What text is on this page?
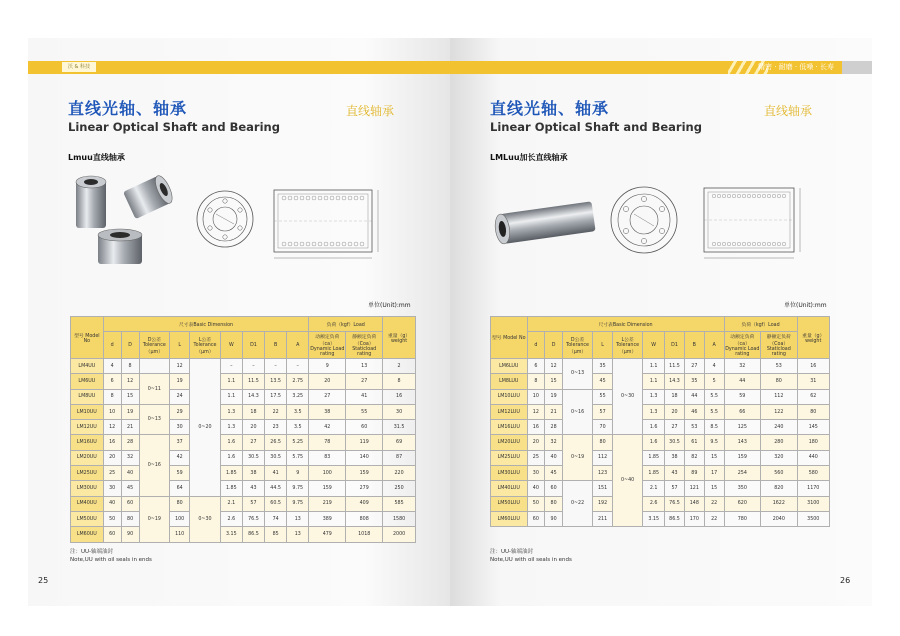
沃 & 科技
直线光轴、轴承
Linear Optical Shaft and Bearing
直线轴承
Lmuu直线轴承
单位(Unit):mm
型号 Model No	尺寸表Basic Dimension									负荷（kgf）Load		重量（g）weight
	d	D	D公差 Tolerance（μm）	L	L公差 Tolerance（μm）	W	D1	B	A	动额定负荷（ca）Dynamic Load rating	静额定负荷（Coa）Staticload rating	
LM4UU	4	8		12	0~20	–	–	–	–	9	13	2
LM6UU	6	12	0~11	19		1.1	11.5	13.5	2.75	20	27	8
LM8UU	8	15		24		1.1	14.3	17.5	3.25	27	41	16
LM10UU	10	19	0~13	29		1.3	18	22	3.5	38	55	30
LM12UU	12	21		30		1.3	20	23	3.5	42	60	31.5
LM16UU	16	28	0~16	37		1.6	27	26.5	5.25	78	119	69
LM20UU	20	32		42		1.6	30.5	30.5	5.75	83	140	87
LM25UU	25	40		59		1.85	38	41	9	100	159	220
LM30UU	30	45		64		1.85	43	44.5	9.75	159	279	250
LM40UU	40	60	0~19	80	0~30	2.1	57	60.5	9.75	219	409	585
LM50UU	50	80		100		2.6	76.5	74	13	389	808	1580
LM60UU	60	90		110		3.15	86.5	85	13	479	1018	2000
注：UU-轴端油封
Note,UU with oil seals in ends
25
精密 · 耐磨 · 低噪 · 长寿
直线光轴、轴承
Linear Optical Shaft and Bearing
直线轴承
LMLuu加长直线轴承
单位(Unit):mm
型号 Model No	尺寸表Basic Dimension									负荷（kgf）Load		重量（g）weight
	d	D	D公差 Tolerance（μm）	L	L公差 Tolerance（μm）	W	D1	B	A	动额定负荷（ca）Dynamic Load rating	静额定负荷（Coa）Staticload rating	
LM6LUU	6	12	0~13	35	0~30	1.1	11.5	27	4	32	53	16
LM8LUU	8	15		45		1.1	14.3	35	5	44	80	31
LM10LUU	10	19	0~16	55		1.3	18	44	5.5	59	112	62
LM12LUU	12	21		57		1.3	20	46	5.5	66	122	80
LM16LUU	16	28		70		1.6	27	53	8.5	125	240	145
LM20LUU	20	32	0~19	80	0~40	1.6	30.5	61	9.5	143	280	180
LM25LUU	25	40		112		1.85	38	82	15	159	320	440
LM30LUU	30	45		123		1.85	43	89	17	254	560	580
LM40LUU	40	60	0~22	151		2.1	57	121	15	350	820	1170
LM50LUU	50	80		192		2.6	76.5	148	22	620	1622	3100
LM60LUU	60	90		211		3.15	86.5	170	22	780	2040	3500
注：UU-轴端油封
Note,UU with oil seals in ends
26
